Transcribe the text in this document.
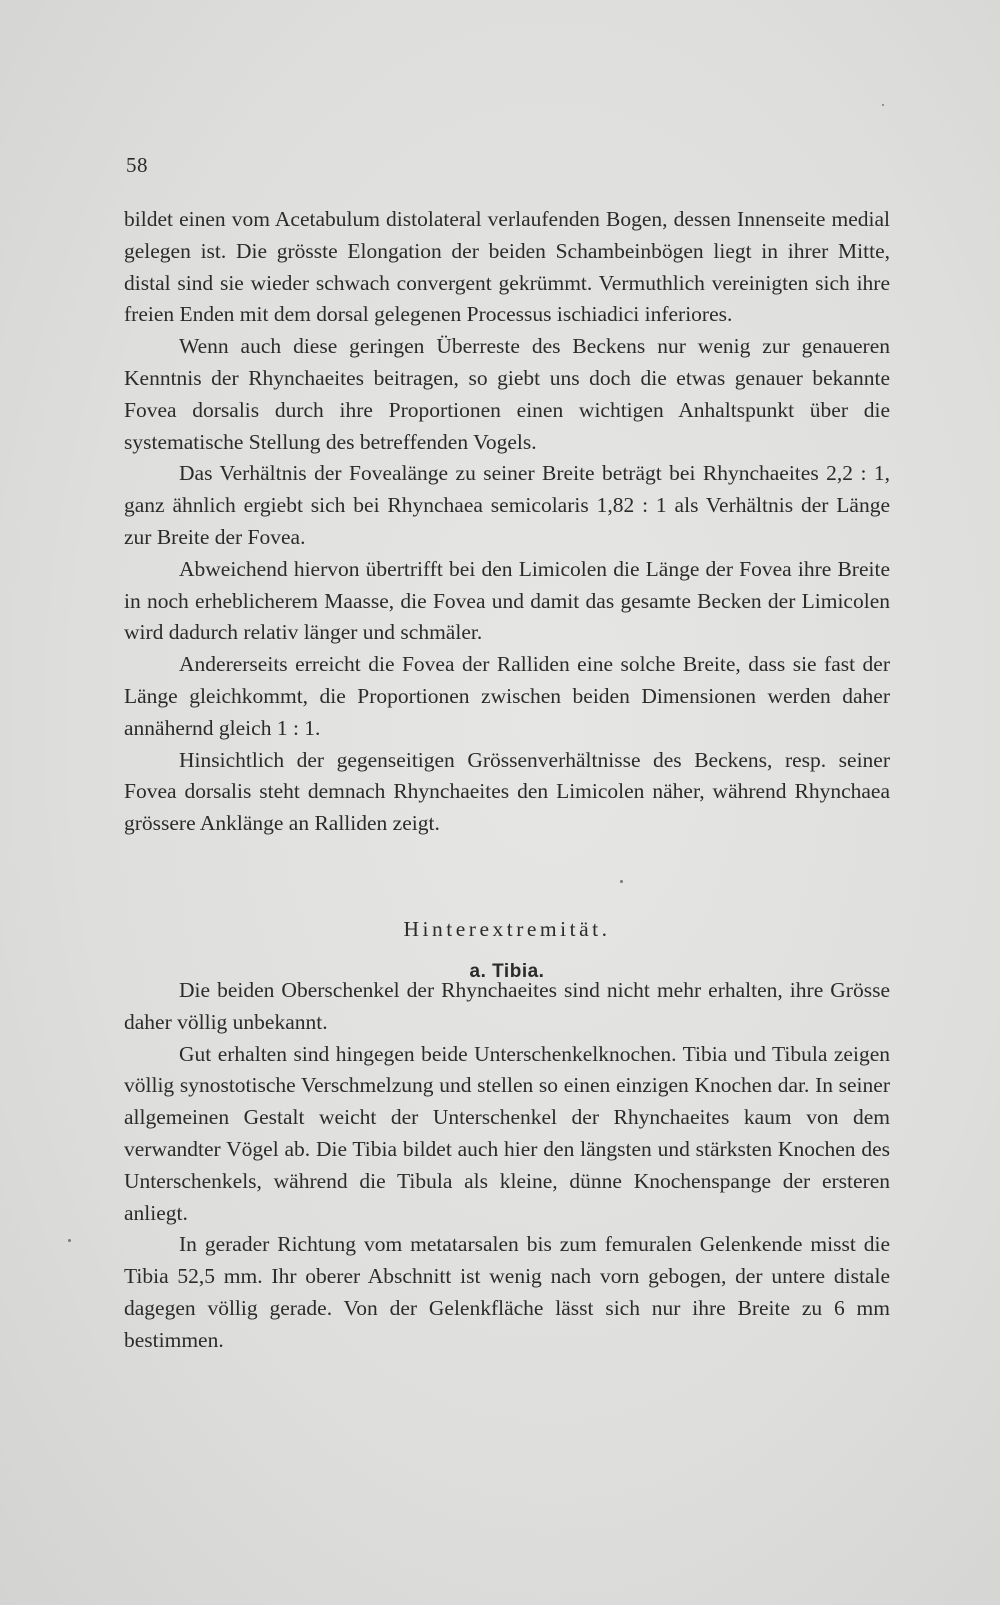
58

bildet einen vom Acetabulum distolateral verlaufenden Bogen, dessen Innenseite medial gelegen ist. Die grösste Elongation der beiden Schambeinbögen liegt in ihrer Mitte, distal sind sie wieder schwach convergent gekrümmt. Vermuthlich vereinigten sich ihre freien Enden mit dem dorsal gelegenen Processus ischiadici inferiores.

Wenn auch diese geringen Überreste des Beckens nur wenig zur genaueren Kenntnis der Rhynchaeites beitragen, so giebt uns doch die etwas genauer bekannte Fovea dorsalis durch ihre Proportionen einen wichtigen Anhaltspunkt über die systematische Stellung des betreffenden Vogels.

Das Verhältnis der Fovealänge zu seiner Breite beträgt bei Rhynchaeites 2,2 : 1, ganz ähnlich ergiebt sich bei Rhynchaea semicolaris 1,82 : 1 als Verhältnis der Länge zur Breite der Fovea.

Abweichend hiervon übertrifft bei den Limicolen die Länge der Fovea ihre Breite in noch erheblicherem Maasse, die Fovea und damit das gesamte Becken der Limicolen wird dadurch relativ länger und schmäler.

Andererseits erreicht die Fovea der Ralliden eine solche Breite, dass sie fast der Länge gleichkommt, die Proportionen zwischen beiden Dimensionen werden daher annähernd gleich 1 : 1.

Hinsichtlich der gegenseitigen Grössenverhältnisse des Beckens, resp. seiner Fovea dorsalis steht demnach Rhynchaeites den Limicolen näher, während Rhynchaea grössere Anklänge an Ralliden zeigt.

Hinterextremität.
a. Tibia.

Die beiden Oberschenkel der Rhynchaeites sind nicht mehr erhalten, ihre Grösse daher völlig unbekannt.

Gut erhalten sind hingegen beide Unterschenkelknochen. Tibia und Tibula zeigen völlig synostotische Verschmelzung und stellen so einen einzigen Knochen dar. In seiner allgemeinen Gestalt weicht der Unterschenkel der Rhynchaeites kaum von dem verwandter Vögel ab. Die Tibia bildet auch hier den längsten und stärksten Knochen des Unterschenkels, während die Tibula als kleine, dünne Knochenspange der ersteren anliegt.

In gerader Richtung vom metatarsalen bis zum femuralen Gelenkende misst die Tibia 52,5 mm. Ihr oberer Abschnitt ist wenig nach vorn gebogen, der untere distale dagegen völlig gerade. Von der Gelenkfläche lässt sich nur ihre Breite zu 6 mm bestimmen.
